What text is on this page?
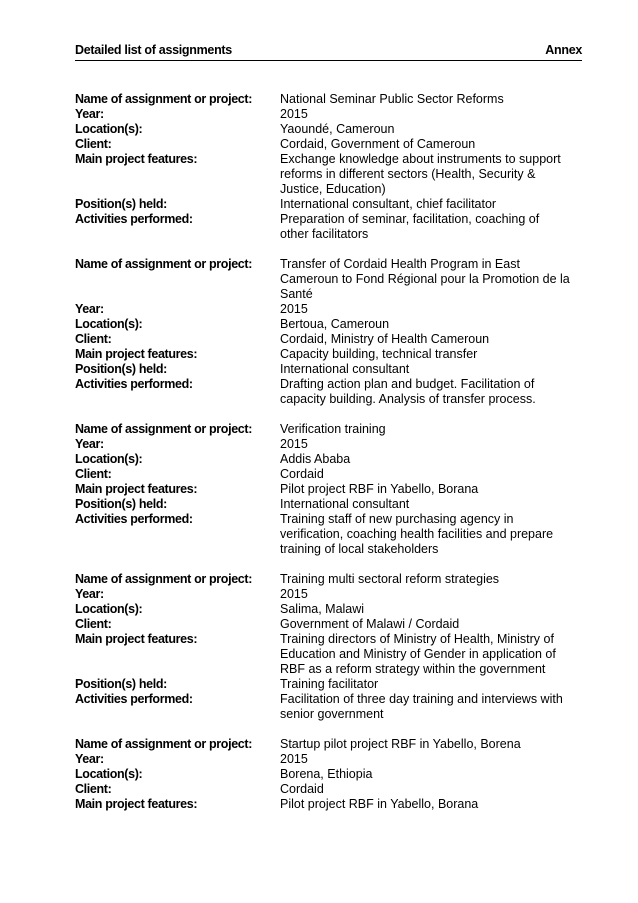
Detailed list of assignments	Annex
Name of assignment or project:	National Seminar Public Sector Reforms
Year:	2015
Location(s):	Yaoundé, Cameroun
Client:	Cordaid, Government of Cameroun
Main project features:	Exchange knowledge about instruments to support reforms in different sectors (Health, Security & Justice, Education)
Position(s) held:	International consultant, chief facilitator
Activities performed:	Preparation of seminar, facilitation, coaching of other facilitators
Name of assignment or project:	Transfer of Cordaid Health Program in East Cameroun to Fond Régional pour la Promotion de la Santé
Year:	2015
Location(s):	Bertoua, Cameroun
Client:	Cordaid, Ministry of Health Cameroun
Main project features:	Capacity building, technical transfer
Position(s) held:	International consultant
Activities performed:	Drafting action plan and budget. Facilitation of capacity building. Analysis of transfer process.
Name of assignment or project:	Verification training
Year:	2015
Location(s):	Addis Ababa
Client:	Cordaid
Main project features:	Pilot project RBF in Yabello, Borana
Position(s) held:	International consultant
Activities performed:	Training staff of new purchasing agency in verification, coaching health facilities and prepare training of local stakeholders
Name of assignment or project:	Training multi sectoral reform strategies
Year:	2015
Location(s):	Salima, Malawi
Client:	Government of Malawi / Cordaid
Main project features:	Training directors of Ministry of Health, Ministry of Education and Ministry of Gender in application of RBF as a reform strategy within the government
Position(s) held:	Training facilitator
Activities performed:	Facilitation of three day training and interviews with senior government
Name of assignment or project:	Startup pilot project RBF in Yabello, Borena
Year:	2015
Location(s):	Borena, Ethiopia
Client:	Cordaid
Main project features:	Pilot project RBF in Yabello, Borana
